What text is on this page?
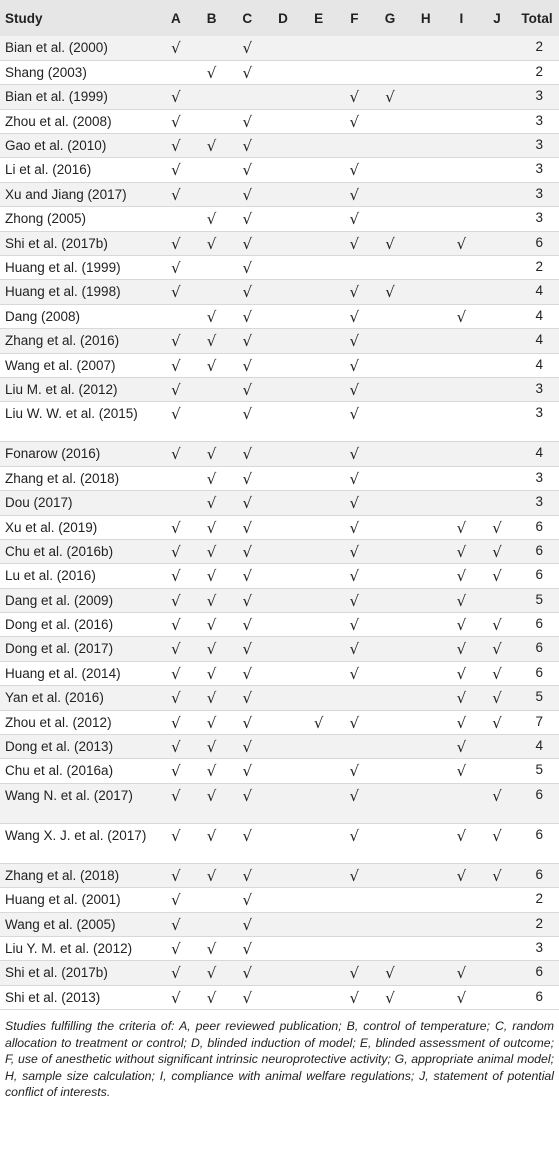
Study	A	B	C	D	E	F	G	H	I	J	Total
Bian et al. (2000)	√		√								2
Shang (2003)		√	√								2
Bian et al. (1999)	√					√	√				3
Zhou et al. (2008)	√		√			√					3
Gao et al. (2010)	√	√	√								3
Li et al. (2016)	√		√			√					3
Xu and Jiang (2017)	√		√			√					3
Zhong (2005)		√	√			√					3
Shi et al. (2017b)	√	√	√			√	√		√		6
Huang et al. (1999)	√		√								2
Huang et al. (1998)	√		√			√	√				4
Dang (2008)		√	√			√			√		4
Zhang et al. (2016)	√	√	√			√					4
Wang et al. (2007)	√	√	√			√					4
Liu M. et al. (2012)	√		√			√					3
Liu W. W. et al. (2015)	√		√			√					3
Fonarow (2016)	√	√	√			√					4
Zhang et al. (2018)		√	√			√					3
Dou (2017)		√	√			√					3
Xu et al. (2019)	√	√	√			√			√	√	6
Chu et al. (2016b)	√	√	√			√			√	√	6
Lu et al. (2016)	√	√	√			√			√	√	6
Dang et al. (2009)	√	√	√			√			√		5
Dong et al. (2016)	√	√	√			√			√	√	6
Dong et al. (2017)	√	√	√			√			√	√	6
Huang et al. (2014)	√	√	√			√			√	√	6
Yan et al. (2016)	√	√	√						√	√	5
Zhou et al. (2012)	√	√	√		√	√			√	√	7
Dong et al. (2013)	√	√	√						√		4
Chu et al. (2016a)	√	√	√			√			√		5
Wang N. et al. (2017)	√	√	√			√				√	6
Wang X. J. et al. (2017)	√	√	√			√			√	√	6
Zhang et al. (2018)	√	√	√			√			√	√	6
Huang et al. (2001)	√		√								2
Wang et al. (2005)	√		√								2
Liu Y. M. et al. (2012)	√	√	√								3
Shi et al. (2017b)	√	√	√			√	√		√		6
Shi et al. (2013)	√	√	√			√	√		√		6
Studies fulfilling the criteria of: A, peer reviewed publication; B, control of temperature; C, random allocation to treatment or control; D, blinded induction of model; E, blinded assessment of outcome; F, use of anesthetic without significant intrinsic neuroprotective activity; G, appropriate animal model; H, sample size calculation; I, compliance with animal welfare regulations; J, statement of potential conflict of interests.
